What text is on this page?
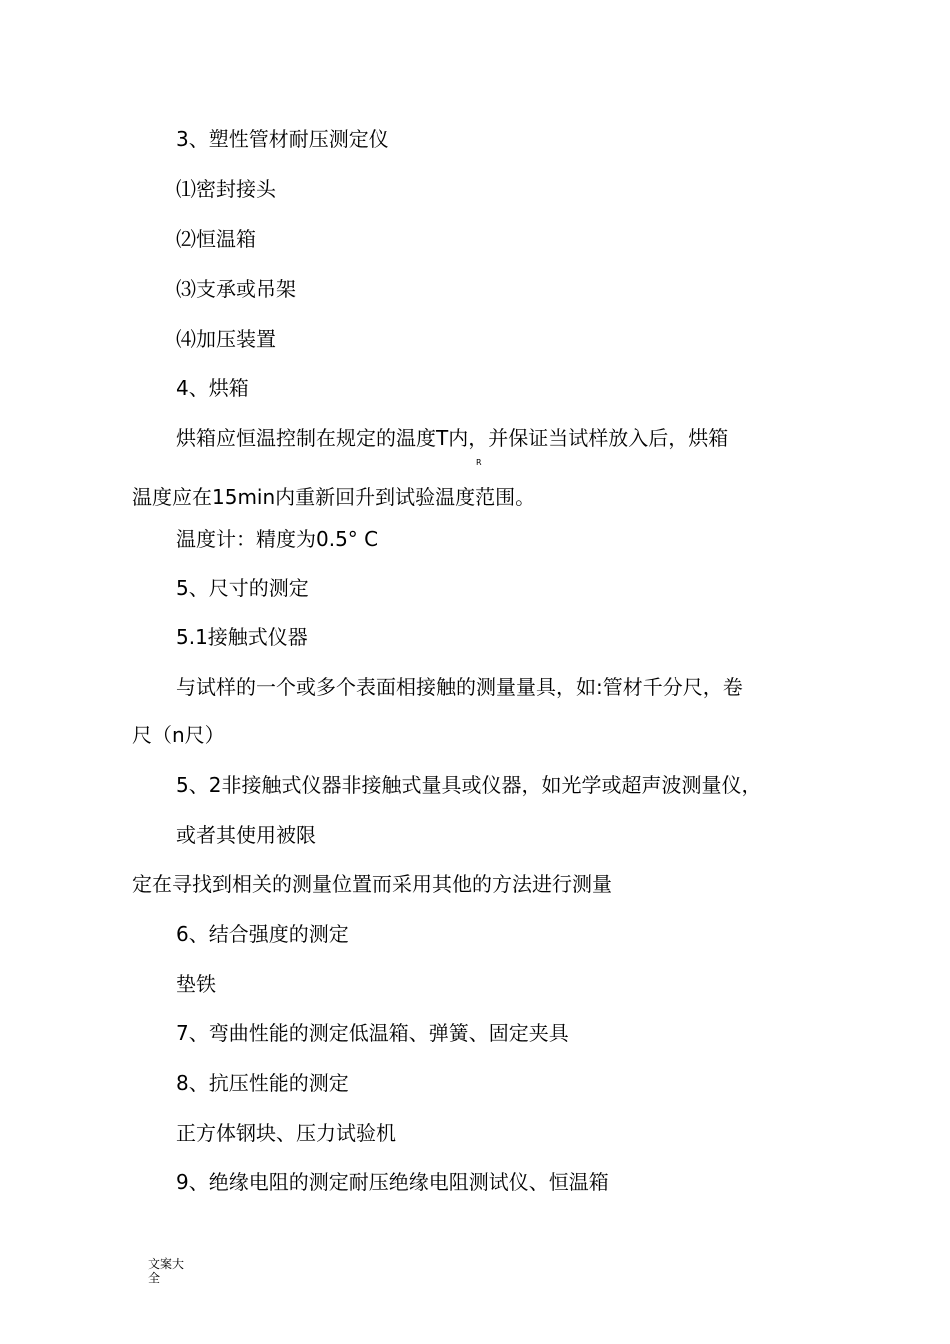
3、塑性管材耐压测定仪

⑴密封接头

⑵恒温箱

⑶支承或吊架

⑷加压装置

4、烘箱

烘箱应恒温控制在规定的温度T内，并保证当试样放入后，烘箱

R

温度应在15min内重新回升到试验温度范围。

温度计：精度为0.5° C

5、尺寸的测定

5.1接触式仪器

与试样的一个或多个表面相接触的测量量具，如:管材千分尺，卷

尺（n尺）

5、2非接触式仪器非接触式量具或仪器，如光学或超声波测量仪，

或者其使用被限

定在寻找到相关的测量位置而采用其他的方法进行测量

6、结合强度的测定

垫铁

7、弯曲性能的测定低温箱、弹簧、固定夹具

8、抗压性能的测定

正方体钢块、压力试验机

9、绝缘电阻的测定耐压绝缘电阻测试仪、恒温箱

文案大全
